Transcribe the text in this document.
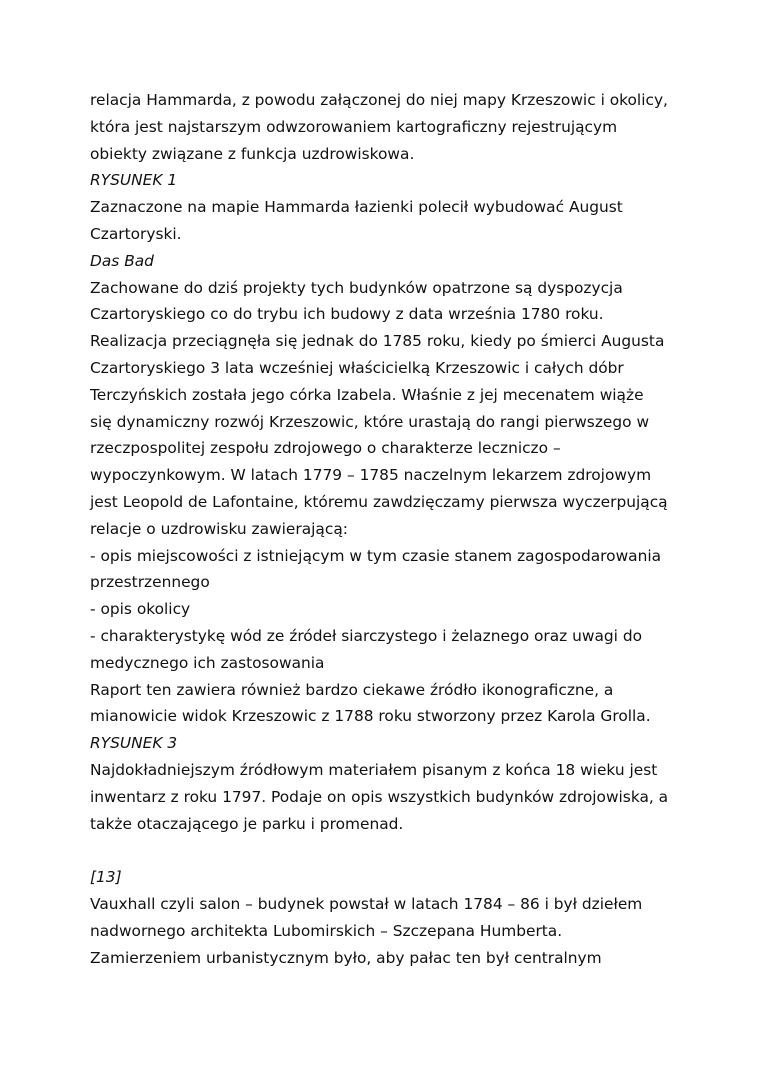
relacja Hammarda, z powodu załączonej do niej mapy Krzeszowic i okolicy,
która jest najstarszym odwzorowaniem kartograficzny rejestrującym
obiekty związane z funkcja uzdrowiskowa.
RYSUNEK 1
Zaznaczone na mapie Hammarda łazienki polecił wybudować August
Czartoryski.
Das Bad
Zachowane do dziś projekty tych budynków opatrzone są dyspozycja
Czartoryskiego co do trybu ich budowy z data września 1780 roku.
Realizacja przeciągnęła się jednak do 1785 roku, kiedy po śmierci Augusta
Czartoryskiego 3 lata wcześniej właścicielką Krzeszowic i całych dóbr
Terczyńskich została jego córka Izabela. Właśnie z jej mecenatem wiąże
się dynamiczny rozwój Krzeszowic, które urastają do rangi pierwszego w
rzeczpospolitej zespołu zdrojowego o charakterze leczniczo –
wypoczynkowym. W latach 1779 – 1785 naczelnym lekarzem zdrojowym
jest Leopold de Lafontaine, któremu zawdzięczamy pierwsza wyczerpującą
relacje o uzdrowisku zawierającą:
- opis miejscowości z istniejącym w tym czasie stanem zagospodarowania
przestrzennego
- opis okolicy
- charakterystykę wód ze źródeł siarczystego i żelaznego oraz uwagi do
medycznego ich zastosowania
Raport ten zawiera również bardzo ciekawe źródło ikonograficzne, a
mianowicie widok Krzeszowic z 1788 roku stworzony przez Karola Grolla.
RYSUNEK 3
Najdokładniejszym źródłowym materiałem pisanym z końca 18 wieku jest
inwentarz z roku 1797. Podaje on opis wszystkich budynków zdrojowiska, a
także otaczającego je parku i promenad.
[13]
Vauxhall czyli salon – budynek powstał w latach 1784 – 86 i był dziełem
nadwornego architekta Lubomirskich – Szczepana Humberta.
Zamierzeniem urbanistycznym było, aby pałac ten był centralnym
